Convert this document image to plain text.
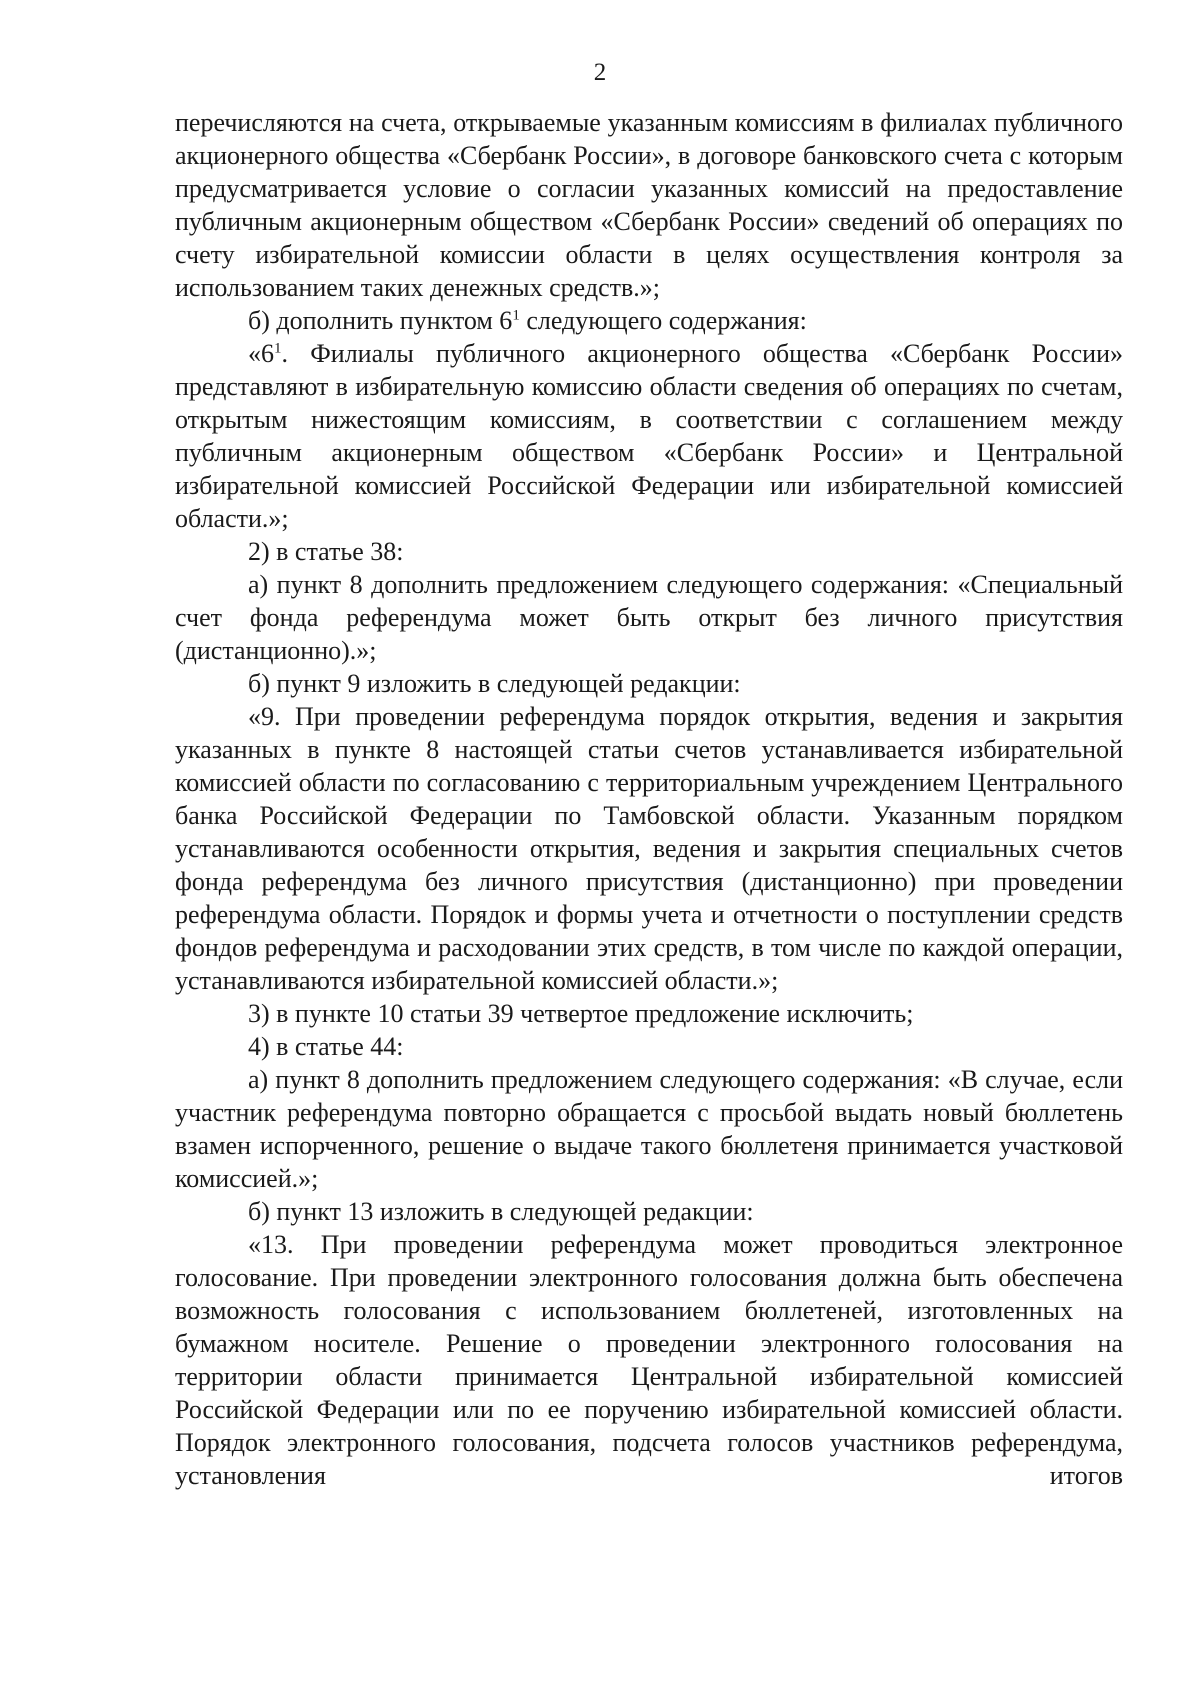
2

перечисляются на счета, открываемые указанным комиссиям в филиалах публичного акционерного общества «Сбербанк России», в договоре банковского счета с которым предусматривается условие о согласии указанных комиссий на предоставление публичным акционерным обществом «Сбербанк России» сведений об операциях по счету избирательной комиссии области в целях осуществления контроля за использованием таких денежных средств.»;

б) дополнить пунктом $6^1$ следующего содержания:

«$6^1$. Филиалы публичного акционерного общества «Сбербанк России» представляют в избирательную комиссию области сведения об операциях по счетам, открытым нижестоящим комиссиям, в соответствии с соглашением между публичным акционерным обществом «Сбербанк России» и Центральной избирательной комиссией Российской Федерации или избирательной комиссией области.»;

2) в статье 38:

а) пункт 8 дополнить предложением следующего содержания: «Специальный счет фонда референдума может быть открыт без личного присутствия (дистанционно).»;

б) пункт 9 изложить в следующей редакции:

«9. При проведении референдума порядок открытия, ведения и закрытия указанных в пункте 8 настоящей статьи счетов устанавливается избирательной комиссией области по согласованию с территориальным учреждением Центрального банка Российской Федерации по Тамбовской области. Указанным порядком устанавливаются особенности открытия, ведения и закрытия специальных счетов фонда референдума без личного присутствия (дистанционно) при проведении референдума области. Порядок и формы учета и отчетности о поступлении средств фондов референдума и расходовании этих средств, в том числе по каждой операции, устанавливаются избирательной комиссией области.»;

3) в пункте 10 статьи 39 четвертое предложение исключить;

4) в статье 44:

а) пункт 8 дополнить предложением следующего содержания: «В случае, если участник референдума повторно обращается с просьбой выдать новый бюллетень взамен испорченного, решение о выдаче такого бюллетеня принимается участковой комиссией.»;

б) пункт 13 изложить в следующей редакции:

«13. При проведении референдума может проводиться электронное голосование. При проведении электронного голосования должна быть обеспечена возможность голосования с использованием бюллетеней, изготовленных на бумажном носителе. Решение о проведении электронного голосования на территории области принимается Центральной избирательной комиссией Российской Федерации или по ее поручению избирательной комиссией области. Порядок электронного голосования, подсчета голосов участников референдума, установления итогов
